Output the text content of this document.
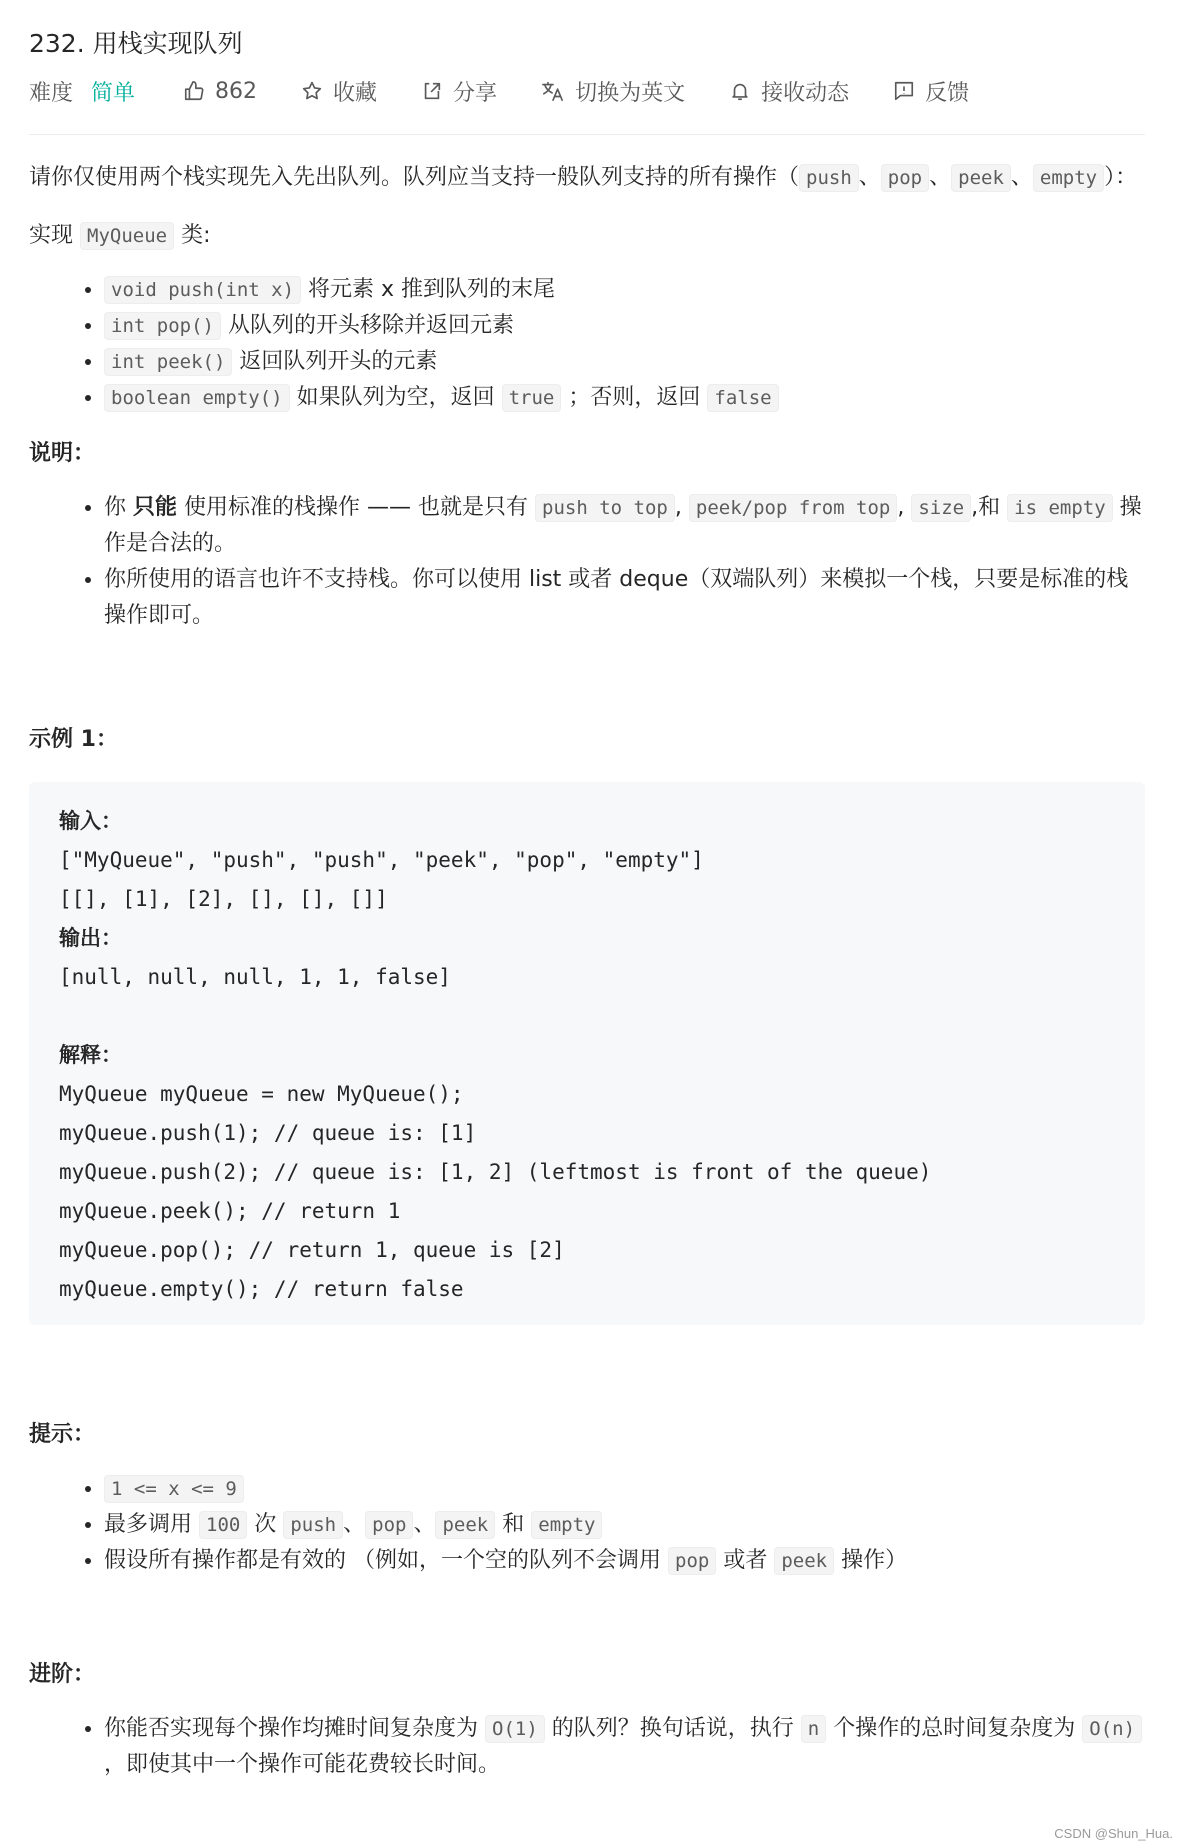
232. 用栈实现队列
难度 简单	862	收藏	分享	切换为英文	接收动态	反馈

请你仅使用两个栈实现先入先出队列。队列应当支持一般队列支持的所有操作（ push 、 pop 、 peek 、 empty ）：

实现 MyQueue 类:

• void push(int x) 将元素 x 推到队列的末尾
• int pop() 从队列的开头移除并返回元素
• int peek() 返回队列开头的元素
• boolean empty() 如果队列为空，返回 true ；否则，返回 false
说明：
• 你 只能 使用标准的栈操作 —— 也就是只有 push to top , peek/pop from top , size ,和 is empty 操作是合法的。
• 你所使用的语言也许不支持栈。你可以使用 list 或者 deque（双端队列）来模拟一个栈，只要是标准的栈操作即可。
示例 1：
输入：
["MyQueue", "push", "push", "peek", "pop", "empty"]
[[], [1], [2], [], [], []]
输出：
[null, null, null, 1, 1, false]

解释：
MyQueue myQueue = new MyQueue();
myQueue.push(1); // queue is: [1]
myQueue.push(2); // queue is: [1, 2] (leftmost is front of the queue)
myQueue.peek(); // return 1
myQueue.pop(); // return 1, queue is [2]
myQueue.empty(); // return false
提示：
• 1 <= x <= 9
• 最多调用 100 次 push 、 pop 、 peek 和 empty
• 假设所有操作都是有效的 （例如，一个空的队列不会调用 pop 或者 peek 操作）
进阶：
• 你能否实现每个操作均摊时间复杂度为 O(1) 的队列？换句话说，执行 n 个操作的总时间复杂度为 O(n) ，即使其中一个操作可能花费较长时间。
CSDN @Shun_Hua.
